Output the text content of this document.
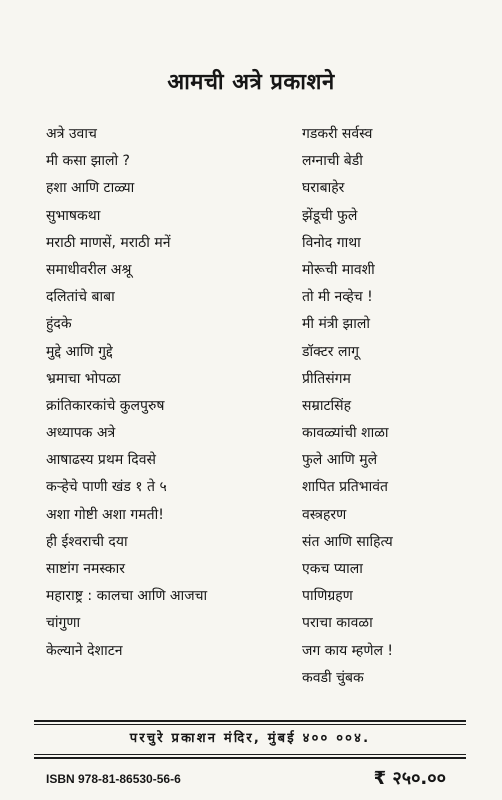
आमची अत्रे प्रकाशने
अत्रे उवाच
मी कसा झालो ?
हशा आणि टाळ्या
सुभाषकथा
मराठी माणसें, मराठी मनें
समाधीवरील अश्रू
दलितांचे बाबा
हुंदके
मुद्दे आणि गुद्दे
भ्रमाचा भोपळा
क्रांतिकारकांचे कुलपुरुष
अध्यापक अत्रे
आषाढस्य प्रथम दिवसे
कऱ्हेचे पाणी खंड १ ते ५
अशा गोष्टी अशा गमती!
ही ईश्वराची दया
साष्टांग नमस्कार
महाराष्ट्र : कालचा आणि आजचा
चांगुणा
केल्याने देशाटन
गडकरी सर्वस्व
लग्नाची बेडी
घराबाहेर
झेंडूची फुले
विनोद गाथा
मोरूची मावशी
तो मी नव्हेच !
मी मंत्री झालो
डॉक्टर लागू
प्रीतिसंगम
सम्राटसिंह
कावळ्यांची शाळा
फुले आणि मुले
शापित प्रतिभावंत
वस्त्रहरण
संत आणि साहित्य
एकच प्याला
पाणिग्रहण
पराचा कावळा
जग काय म्हणेल !
कवडी चुंबक
परचुरे प्रकाशन मंदिर, मुंबई ४०० ००४.
ISBN 978-81-86530-56-6	₹ २५०.००
